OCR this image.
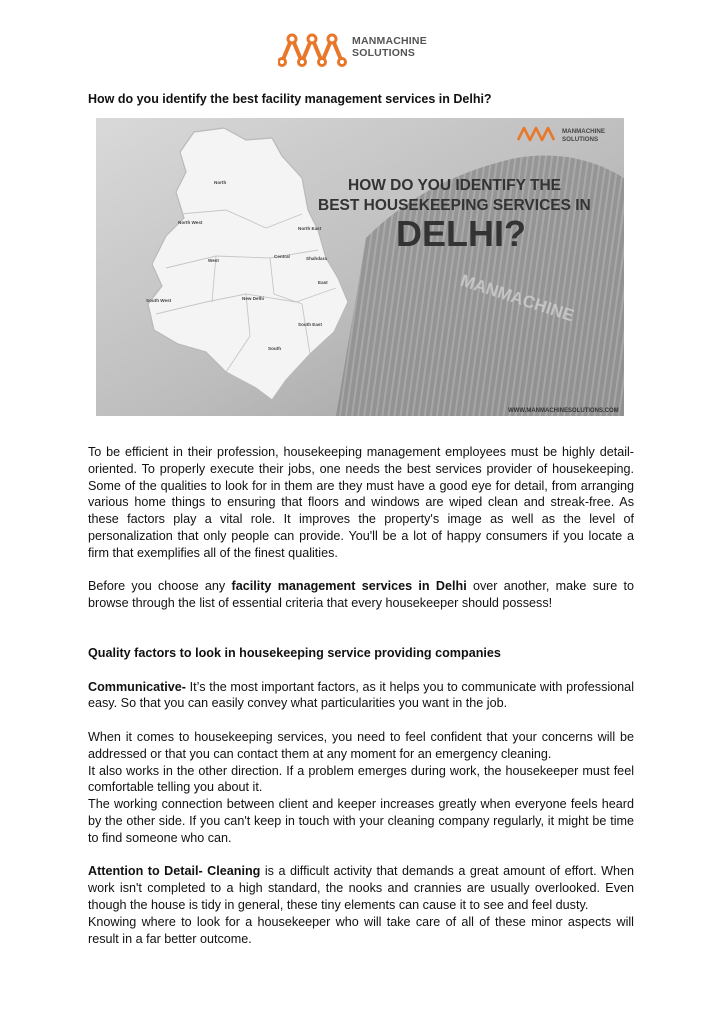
MANMACHINE
SOLUTIONS
How do you identify the best facility management services in Delhi?
MANMACHINE
North
North West
North East
Central	Shahdara
West
East
New Delhi
South West
South East
South
MANMACHINE
SOLUTIONS
HOW DO YOU IDENTIFY THE
BEST HOUSEKEEPING SERVICES IN
DELHI?
WWW.MANMACHINESOLUTIONS.COM

To be efficient in their profession, housekeeping management employees must be highly detail-oriented. To properly execute their jobs, one needs the best services provider of housekeeping. Some of the qualities to look for in them are they must have a good eye for detail, from arranging various home things to ensuring that floors and windows are wiped clean and streak-free. As these factors play a vital role. It improves the property's image as well as the level of personalization that only people can provide. You'll be a lot of happy consumers if you locate a firm that exemplifies all of the finest qualities.

Before you choose any facility management services in Delhi over another, make sure to browse through the list of essential criteria that every housekeeper should possess!

Quality factors to look in housekeeping service providing companies

Communicative- It’s the most important factors, as it helps you to communicate with professional easy. So that you can easily convey what particularities you want in the job.

When it comes to housekeeping services, you need to feel confident that your concerns will be addressed or that you can contact them at any moment for an emergency cleaning.

It also works in the other direction. If a problem emerges during work, the housekeeper must feel comfortable telling you about it.

The working connection between client and keeper increases greatly when everyone feels heard by the other side. If you can't keep in touch with your cleaning company regularly, it might be time to find someone who can.

Attention to Detail- Cleaning is a difficult activity that demands a great amount of effort. When work isn't completed to a high standard, the nooks and crannies are usually overlooked. Even though the house is tidy in general, these tiny elements can cause it to see and feel dusty.

Knowing where to look for a housekeeper who will take care of all of these minor aspects will result in a far better outcome.
